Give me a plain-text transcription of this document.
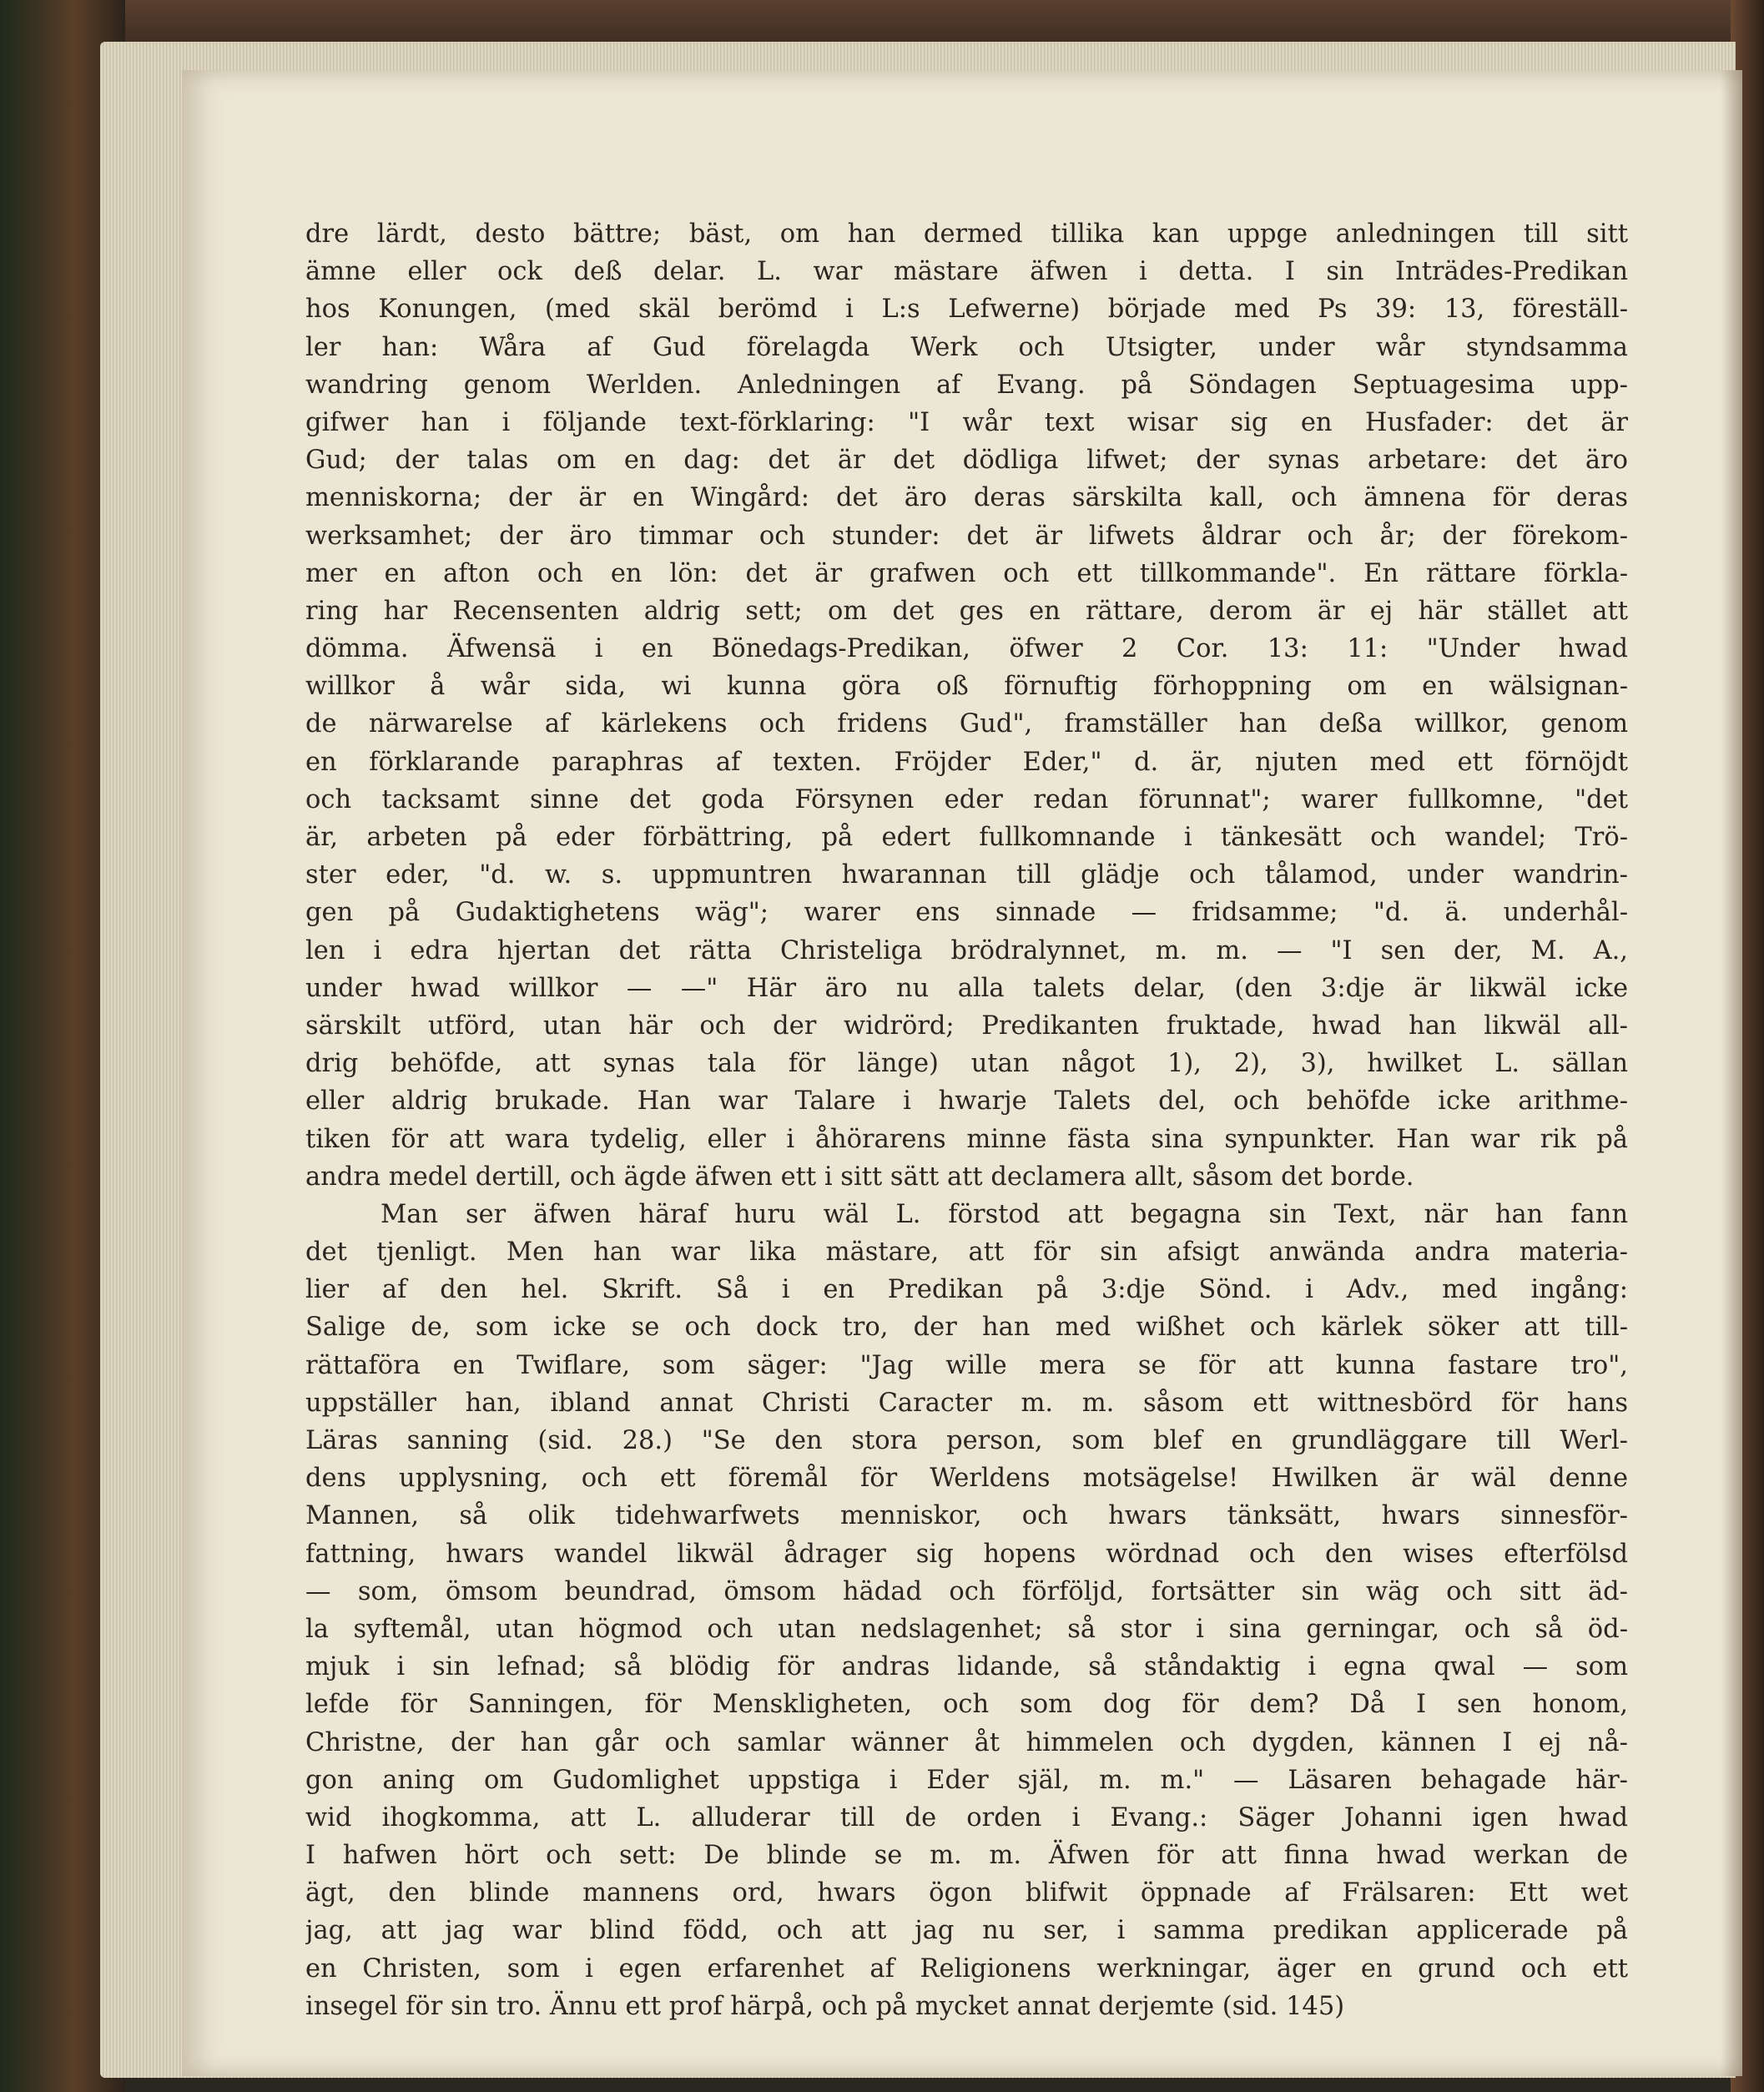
dre lärdt, desto bättre; bäst, om han dermed tillika kan uppge anledningen till sitt
ämne eller ock deß delar. L. war mästare äfwen i detta. I sin Inträdes-Predikan
hos Konungen, (med skäl berömd i L:s Lefwerne) började med Ps 39: 13, föreställ-
ler han: Wåra af Gud förelagda Werk och Utsigter, under wår styndsamma
wandring genom Werlden. Anledningen af Evang. på Söndagen Septuagesima upp-
gifwer han i följande text-förklaring: "I wår text wisar sig en Husfader: det är
Gud; der talas om en dag: det är det dödliga lifwet; der synas arbetare: det äro
menniskorna; der är en Wingård: det äro deras särskilta kall, och ämnena för deras
werksamhet; der äro timmar och stunder: det är lifwets åldrar och år; der förekom-
mer en afton och en lön: det är grafwen och ett tillkommande". En rättare förkla-
ring har Recensenten aldrig sett; om det ges en rättare, derom är ej här stället att
dömma. Äfwensä i en Bönedags-Predikan, öfwer 2 Cor. 13: 11: "Under hwad
willkor å wår sida, wi kunna göra oß förnuftig förhoppning om en wälsignan-
de närwarelse af kärlekens och fridens Gud", framställer han deßa willkor, genom
en förklarande paraphras af texten. Fröjder Eder," d. är, njuten med ett förnöjdt
och tacksamt sinne det goda Försynen eder redan förunnat"; warer fullkomne, "det
är, arbeten på eder förbättring, på edert fullkomnande i tänkesätt och wandel; Trö-
ster eder, "d. w. s. uppmuntren hwarannan till glädje och tålamod, under wandrin-
gen på Gudaktighetens wäg"; warer ens sinnade — fridsamme; "d. ä. underhål-
len i edra hjertan det rätta Christeliga brödralynnet, m. m. — "I sen der, M. A.,
under hwad willkor — —" Här äro nu alla talets delar, (den 3:dje är likwäl icke
särskilt utförd, utan här och der widrörd; Predikanten fruktade, hwad han likwäl all-
drig behöfde, att synas tala för länge) utan något 1), 2), 3), hwilket L. sällan
eller aldrig brukade. Han war Talare i hwarje Talets del, och behöfde icke arithme-
tiken för att wara tydelig, eller i åhörarens minne fästa sina synpunkter. Han war rik på
andra medel dertill, och ägde äfwen ett i sitt sätt att declamera allt, såsom det borde.
Man ser äfwen häraf huru wäl L. förstod att begagna sin Text, när han fann
det tjenligt. Men han war lika mästare, att för sin afsigt anwända andra materia-
lier af den hel. Skrift. Så i en Predikan på 3:dje Sönd. i Adv., med ingång:
Salige de, som icke se och dock tro, der han med wißhet och kärlek söker att till-
rättaföra en Twiflare, som säger: "Jag wille mera se för att kunna fastare tro",
uppställer han, ibland annat Christi Caracter m. m. såsom ett wittnesbörd för hans
Läras sanning (sid. 28.) "Se den stora person, som blef en grundläggare till Werl-
dens upplysning, och ett föremål för Werldens motsägelse! Hwilken är wäl denne
Mannen, så olik tidehwarfwets menniskor, och hwars tänksätt, hwars sinnesför-
fattning, hwars wandel likwäl ådrager sig hopens wördnad och den wises efterfölsd
— som, ömsom beundrad, ömsom hädad och förföljd, fortsätter sin wäg och sitt äd-
la syftemål, utan högmod och utan nedslagenhet; så stor i sina gerningar, och så öd-
mjuk i sin lefnad; så blödig för andras lidande, så ståndaktig i egna qwal — som
lefde för Sanningen, för Menskligheten, och som dog för dem? Då I sen honom,
Christne, der han går och samlar wänner åt himmelen och dygden, kännen I ej nå-
gon aning om Gudomlighet uppstiga i Eder själ, m. m." — Läsaren behagade här-
wid ihogkomma, att L. alluderar till de orden i Evang.: Säger Johanni igen hwad
I hafwen hört och sett: De blinde se m. m. Äfwen för att finna hwad werkan de
ägt, den blinde mannens ord, hwars ögon blifwit öppnade af Frälsaren: Ett wet
jag, att jag war blind född, och att jag nu ser, i samma predikan applicerade på
en Christen, som i egen erfarenhet af Religionens werkningar, äger en grund och ett
insegel för sin tro. Ännu ett prof härpå, och på mycket annat derjemte (sid. 145)
